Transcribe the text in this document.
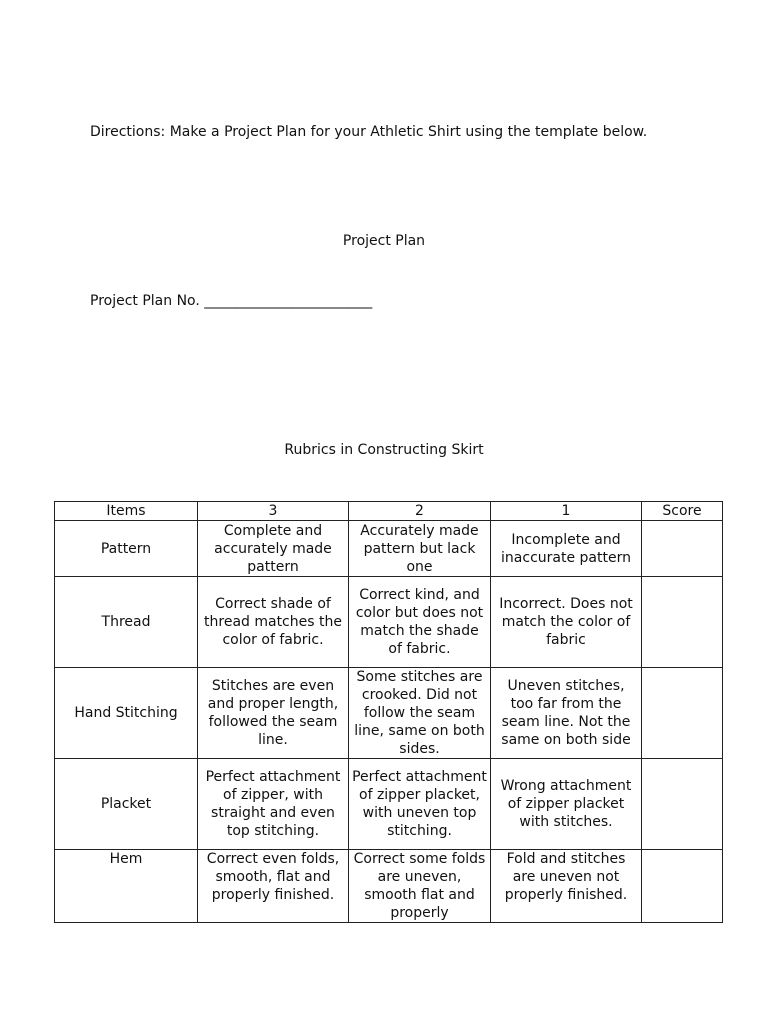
Directions: Make a Project Plan for your Athletic Shirt using the template below.
Project Plan
Project Plan No. ________________________
Rubrics in Constructing Skirt
Items	3	2	1	Score
Pattern	Complete and accurately made pattern	Accurately made pattern but lack one	Incomplete and inaccurate pattern	
Thread	Correct shade of thread matches the color of fabric.	Correct kind, and color but does not match the shade of fabric.	Incorrect. Does not match the color of fabric	
Hand Stitching	Stitches are even and proper length, followed the seam line.	Some stitches are crooked. Did not follow the seam line, same on both sides.	Uneven stitches, too far from the seam line. Not the same on both side	
Placket	Perfect attachment of zipper, with straight and even top stitching.	Perfect attachment of zipper placket, with uneven top stitching.	Wrong attachment of zipper placket with stitches.	
Hem	Correct even folds, smooth, flat and properly finished.	Correct some folds are uneven, smooth flat and properly	Fold and stitches are uneven not properly finished.	
